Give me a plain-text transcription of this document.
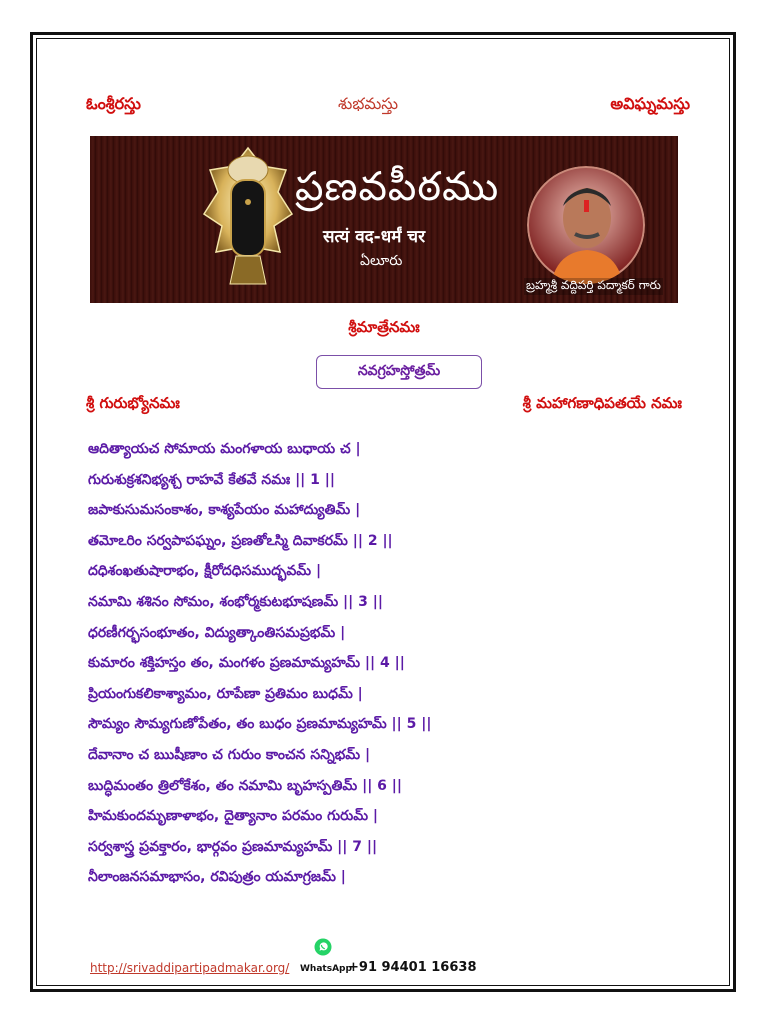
ఓంశ్రీరస్తు	శుభమస్తు	అవిఘ్నమస్తు
ప్రణవపీఠము
सत्यं वद-धर्मं चर
ఏలూరు
బ్రహ్మశ్రీ వద్దిపర్తి పద్మాకర్ గారు
శ్రీమాత్రేనమః
నవగ్రహస్తోత్రమ్
శ్రీ గురుభ్యోనమః	శ్రీ మహాగణాధిపతయే నమః
ఆదిత్యాయచ సోమాయ మంగళాయ బుధాయ చ |
గురుశుక్రశనిభ్యశ్చ రాహవే కేతవే నమః || 1 ||
జపాకుసుమసంకాశం, కాశ్యపేయం మహాద్యుతిమ్ |
తమోఽరిం సర్వపాపఘ్నం, ప్రణతోఽస్మి దివాకరమ్ || 2 ||
దధిశంఖతుషారాభం, క్షీరోదధిసముద్భవమ్ |
నమామి శశినం సోమం, శంభోర్మకుటభూషణమ్ || 3 ||
ధరణీగర్భసంభూతం, విద్యుత్కాంతిసమప్రభమ్ |
కుమారం శక్తిహస్తం తం, మంగళం ప్రణమామ్యహమ్ || 4 ||
ప్రియంగుకలికాశ్యామం, రూపేణా ప్రతిమం బుధమ్ |
సౌమ్యం సౌమ్యగుణోపేతం, తం బుధం ప్రణమామ్యహమ్ || 5 ||
దేవానాం చ ఋషీణాం చ గురుం కాంచన సన్నిభమ్ |
బుద్ధిమంతం త్రిలోకేశం, తం నమామి బృహస్పతిమ్ || 6 ||
హిమకుందమృణాళాభం, దైత్యానాం పరమం గురుమ్ |
సర్వశాస్త్ర ప్రవక్తారం, భార్గవం ప్రణమామ్యహమ్ || 7 ||
నీలాంజనసమాభాసం, రవిపుత్రం యమాగ్రజమ్ |
http://srivaddipartipadmakar.org/ WhatsApp
+91 94401 16638
